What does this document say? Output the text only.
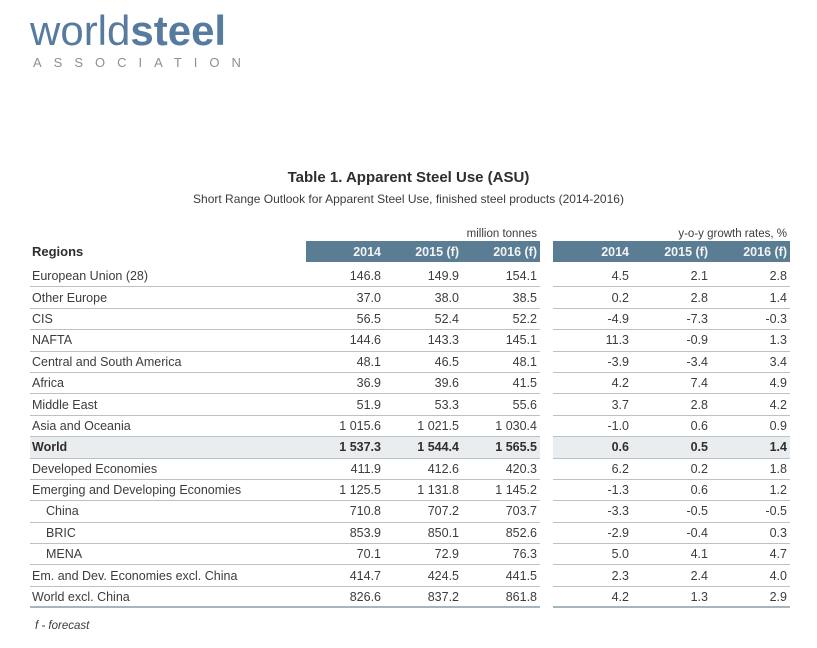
worldsteel
ASSOCIATION
Table 1. Apparent Steel Use (ASU)
Short Range Outlook for Apparent Steel Use, finished steel products (2014-2016)
million tonnes	y-o-y growth rates, %
Regions	2014	2015 (f)	2016 (f)	2014	2015 (f)	2016 (f)
European Union (28)	146.8	149.9	154.1	4.5	2.1	2.8
Other Europe	37.0	38.0	38.5	0.2	2.8	1.4
CIS	56.5	52.4	52.2	-4.9	-7.3	-0.3
NAFTA	144.6	143.3	145.1	11.3	-0.9	1.3
Central and South America	48.1	46.5	48.1	-3.9	-3.4	3.4
Africa	36.9	39.6	41.5	4.2	7.4	4.9
Middle East	51.9	53.3	55.6	3.7	2.8	4.2
Asia and Oceania	1 015.6	1 021.5	1 030.4	-1.0	0.6	0.9
World	1 537.3	1 544.4	1 565.5	0.6	0.5	1.4
Developed Economies	411.9	412.6	420.3	6.2	0.2	1.8
Emerging and Developing Economies	1 125.5	1 131.8	1 145.2	-1.3	0.6	1.2
China	710.8	707.2	703.7	-3.3	-0.5	-0.5
BRIC	853.9	850.1	852.6	-2.9	-0.4	0.3
MENA	70.1	72.9	76.3	5.0	4.1	4.7
Em. and Dev. Economies excl. China	414.7	424.5	441.5	2.3	2.4	4.0
World excl. China	826.6	837.2	861.8	4.2	1.3	2.9
f - forecast
